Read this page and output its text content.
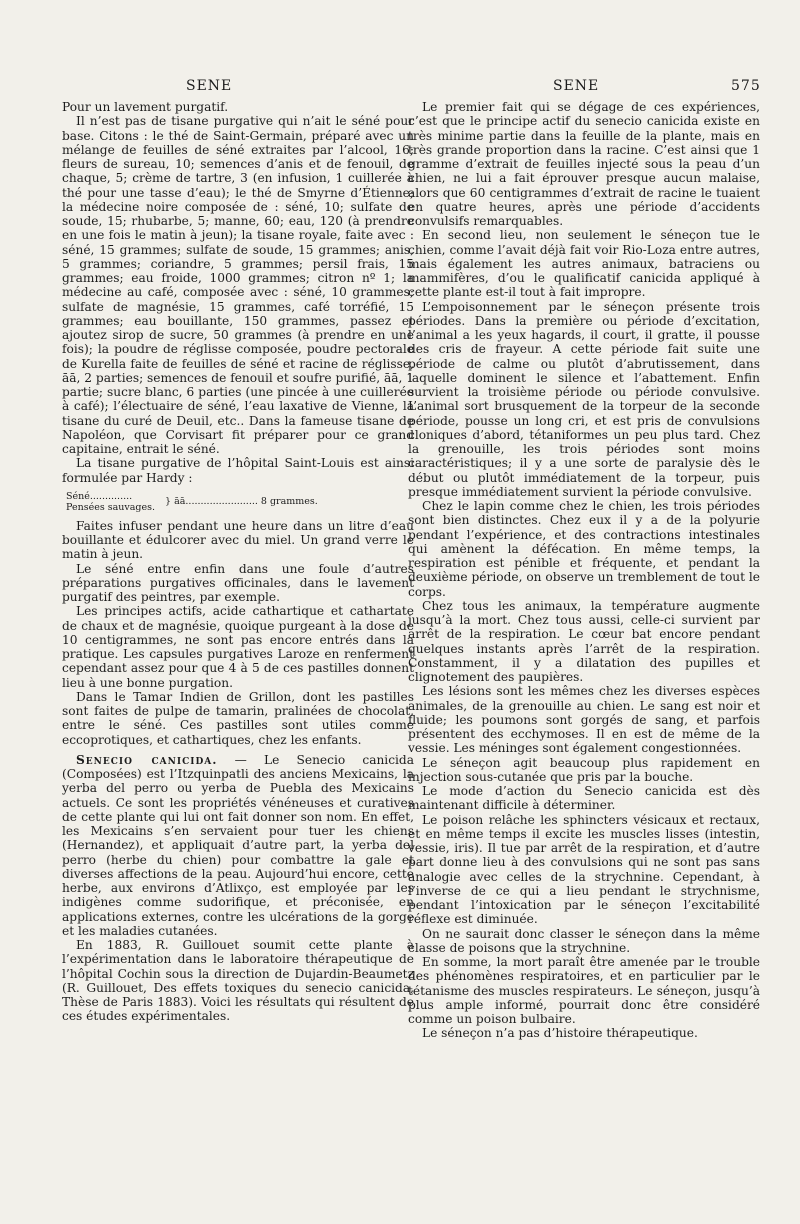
SENE	SENE	575

Pour un lavement purgatif.

Il n’est pas de tisane purgative qui n’ait le séné pour base. Citons : le thé de Saint-Germain, préparé avec un mélange de feuilles de séné extraites par l’alcool, 16; fleurs de sureau, 10; semences d’anis et de fenouil, de chaque, 5; crème de tartre, 3 (en infusion, 1 cuillerée à thé pour une tasse d’eau); le thé de Smyrne d’Étienne; la médecine noire composée de : séné, 10; sulfate de soude, 15; rhubarbe, 5; manne, 60; eau, 120 (à prendre en une fois le matin à jeun); la tisane royale, faite avec : séné, 15 grammes; sulfate de soude, 15 grammes; anis, 5 grammes; coriandre, 5 grammes; persil frais, 15 grammes; eau froide, 1000 grammes; citron nº 1; la médecine au café, composée avec : séné, 10 grammes; sulfate de magnésie, 15 grammes, café torréfié, 15 grammes; eau bouillante, 150 grammes, passez et ajoutez sirop de sucre, 50 grammes (à prendre en une fois); la poudre de réglisse composée, poudre pectorale de Kurella faite de feuilles de séné et racine de réglisse, āā, 2 parties; semences de fenouil et soufre purifié, āā, 1 partie; sucre blanc, 6 parties (une pincée à une cuillerée à café); l’électuaire de séné, l’eau laxative de Vienne, la tisane du curé de Deuil, etc.. Dans la fameuse tisane de Napoléon, que Corvisart fit préparer pour ce grand capitaine, entrait le séné.

La tisane purgative de l’hôpital Saint-Louis est ainsi formulée par Hardy :

Séné..............
Pensées sauvages.
} āā........................ 8 grammes.

Faites infuser pendant une heure dans un litre d’eau bouillante et édulcorer avec du miel. Un grand verre le matin à jeun.

Le séné entre enfin dans une foule d’autres préparations purgatives officinales, dans le lavement purgatif des peintres, par exemple.

Les principes actifs, acide cathartique et cathartate de chaux et de magnésie, quoique purgeant à la dose de 10 centigrammes, ne sont pas encore entrés dans la pratique. Les capsules purgatives Laroze en renferment cependant assez pour que 4 à 5 de ces pastilles donnent lieu à une bonne purgation.

Dans le Tamar Indien de Grillon, dont les pastilles sont faites de pulpe de tamarin, pralinées de chocolat, entre le séné. Ces pastilles sont utiles comme eccoprotiques, et cathartiques, chez les enfants.

Senecio canicida. — Le Senecio canicida (Composées) est l’Itzquinpatli des anciens Mexicains, la yerba del perro ou yerba de Puebla des Mexicains actuels. Ce sont les propriétés vénéneuses et curatives de cette plante qui lui ont fait donner son nom. En effet, les Mexicains s’en servaient pour tuer les chiens (Hernandez), et appliquait d’autre part, la yerba del perro (herbe du chien) pour combattre la gale et diverses affections de la peau. Aujourd’hui encore, cette herbe, aux environs d’Atlixço, est employée par les indigènes comme sudorifique, et préconisée, en applications externes, contre les ulcérations de la gorge et les maladies cutanées.

En 1883, R. Guillouet soumit cette plante à l’expérimentation dans le laboratoire thérapeutique de l’hôpital Cochin sous la direction de Dujardin-Beaumetz (R. Guillouet, Des effets toxiques du senecio canicida, Thèse de Paris 1883). Voici les résultats qui résultent de ces études expérimentales.

Le premier fait qui se dégage de ces expériences, c’est que le principe actif du senecio canicida existe en très minime partie dans la feuille de la plante, mais en très grande proportion dans la racine. C’est ainsi que 1 gramme d’extrait de feuilles injecté sous la peau d’un chien, ne lui a fait éprouver presque aucun malaise, alors que 60 centigrammes d’extrait de racine le tuaient en quatre heures, après une période d’accidents convulsifs remarquables.

En second lieu, non seulement le séneçon tue le chien, comme l’avait déjà fait voir Rio-Loza entre autres, mais également les autres animaux, batraciens ou mammifères, d’ou le qualificatif canicida appliqué à cette plante est-il tout à fait impropre.

L’empoisonnement par le séneçon présente trois périodes. Dans la première ou période d’excitation, l’animal a les yeux hagards, il court, il gratte, il pousse des cris de frayeur. A cette période fait suite une période de calme ou plutôt d’abrutissement, dans laquelle dominent le silence et l’abattement. Enfin survient la troisième période ou période convulsive. L’animal sort brusquement de la torpeur de la seconde période, pousse un long cri, et est pris de convulsions cloniques d’abord, tétaniformes un peu plus tard. Chez la grenouille, les trois périodes sont moins caractéristiques; il y a une sorte de paralysie dès le début ou plutôt immédiatement de la torpeur, puis presque immédiatement survient la période convulsive.

Chez le lapin comme chez le chien, les trois périodes sont bien distinctes. Chez eux il y a de la polyurie pendant l’expérience, et des contractions intestinales qui amènent la défécation. En même temps, la respiration est pénible et fréquente, et pendant la deuxième période, on observe un tremblement de tout le corps.

Chez tous les animaux, la température augmente jusqu’à la mort. Chez tous aussi, celle-ci survient par arrêt de la respiration. Le cœur bat encore pendant quelques instants après l’arrêt de la respiration. Constamment, il y a dilatation des pupilles et clignotement des paupières.

Les lésions sont les mêmes chez les diverses espèces animales, de la grenouille au chien. Le sang est noir et fluide; les poumons sont gorgés de sang, et parfois présentent des ecchymoses. Il en est de même de la vessie. Les méninges sont également congestionnées.

Le séneçon agit beaucoup plus rapidement en injection sous-cutanée que pris par la bouche.

Le mode d’action du Senecio canicida est dès maintenant difficile à déterminer.

Le poison relâche les sphincters vésicaux et rectaux, et en même temps il excite les muscles lisses (intestin, vessie, iris). Il tue par arrêt de la respiration, et d’autre part donne lieu à des convulsions qui ne sont pas sans analogie avec celles de la strychnine. Cependant, à l’inverse de ce qui a lieu pendant le strychnisme, pendant l’intoxication par le séneçon l’excitabilité réflexe est diminuée.

On ne saurait donc classer le séneçon dans la même classe de poisons que la strychnine.

En somme, la mort paraît être amenée par le trouble des phénomènes respiratoires, et en particulier par le tétanisme des muscles respirateurs. Le séneçon, jusqu’à plus ample informé, pourrait donc être considéré comme un poison bulbaire.

Le séneçon n’a pas d’histoire thérapeutique.
